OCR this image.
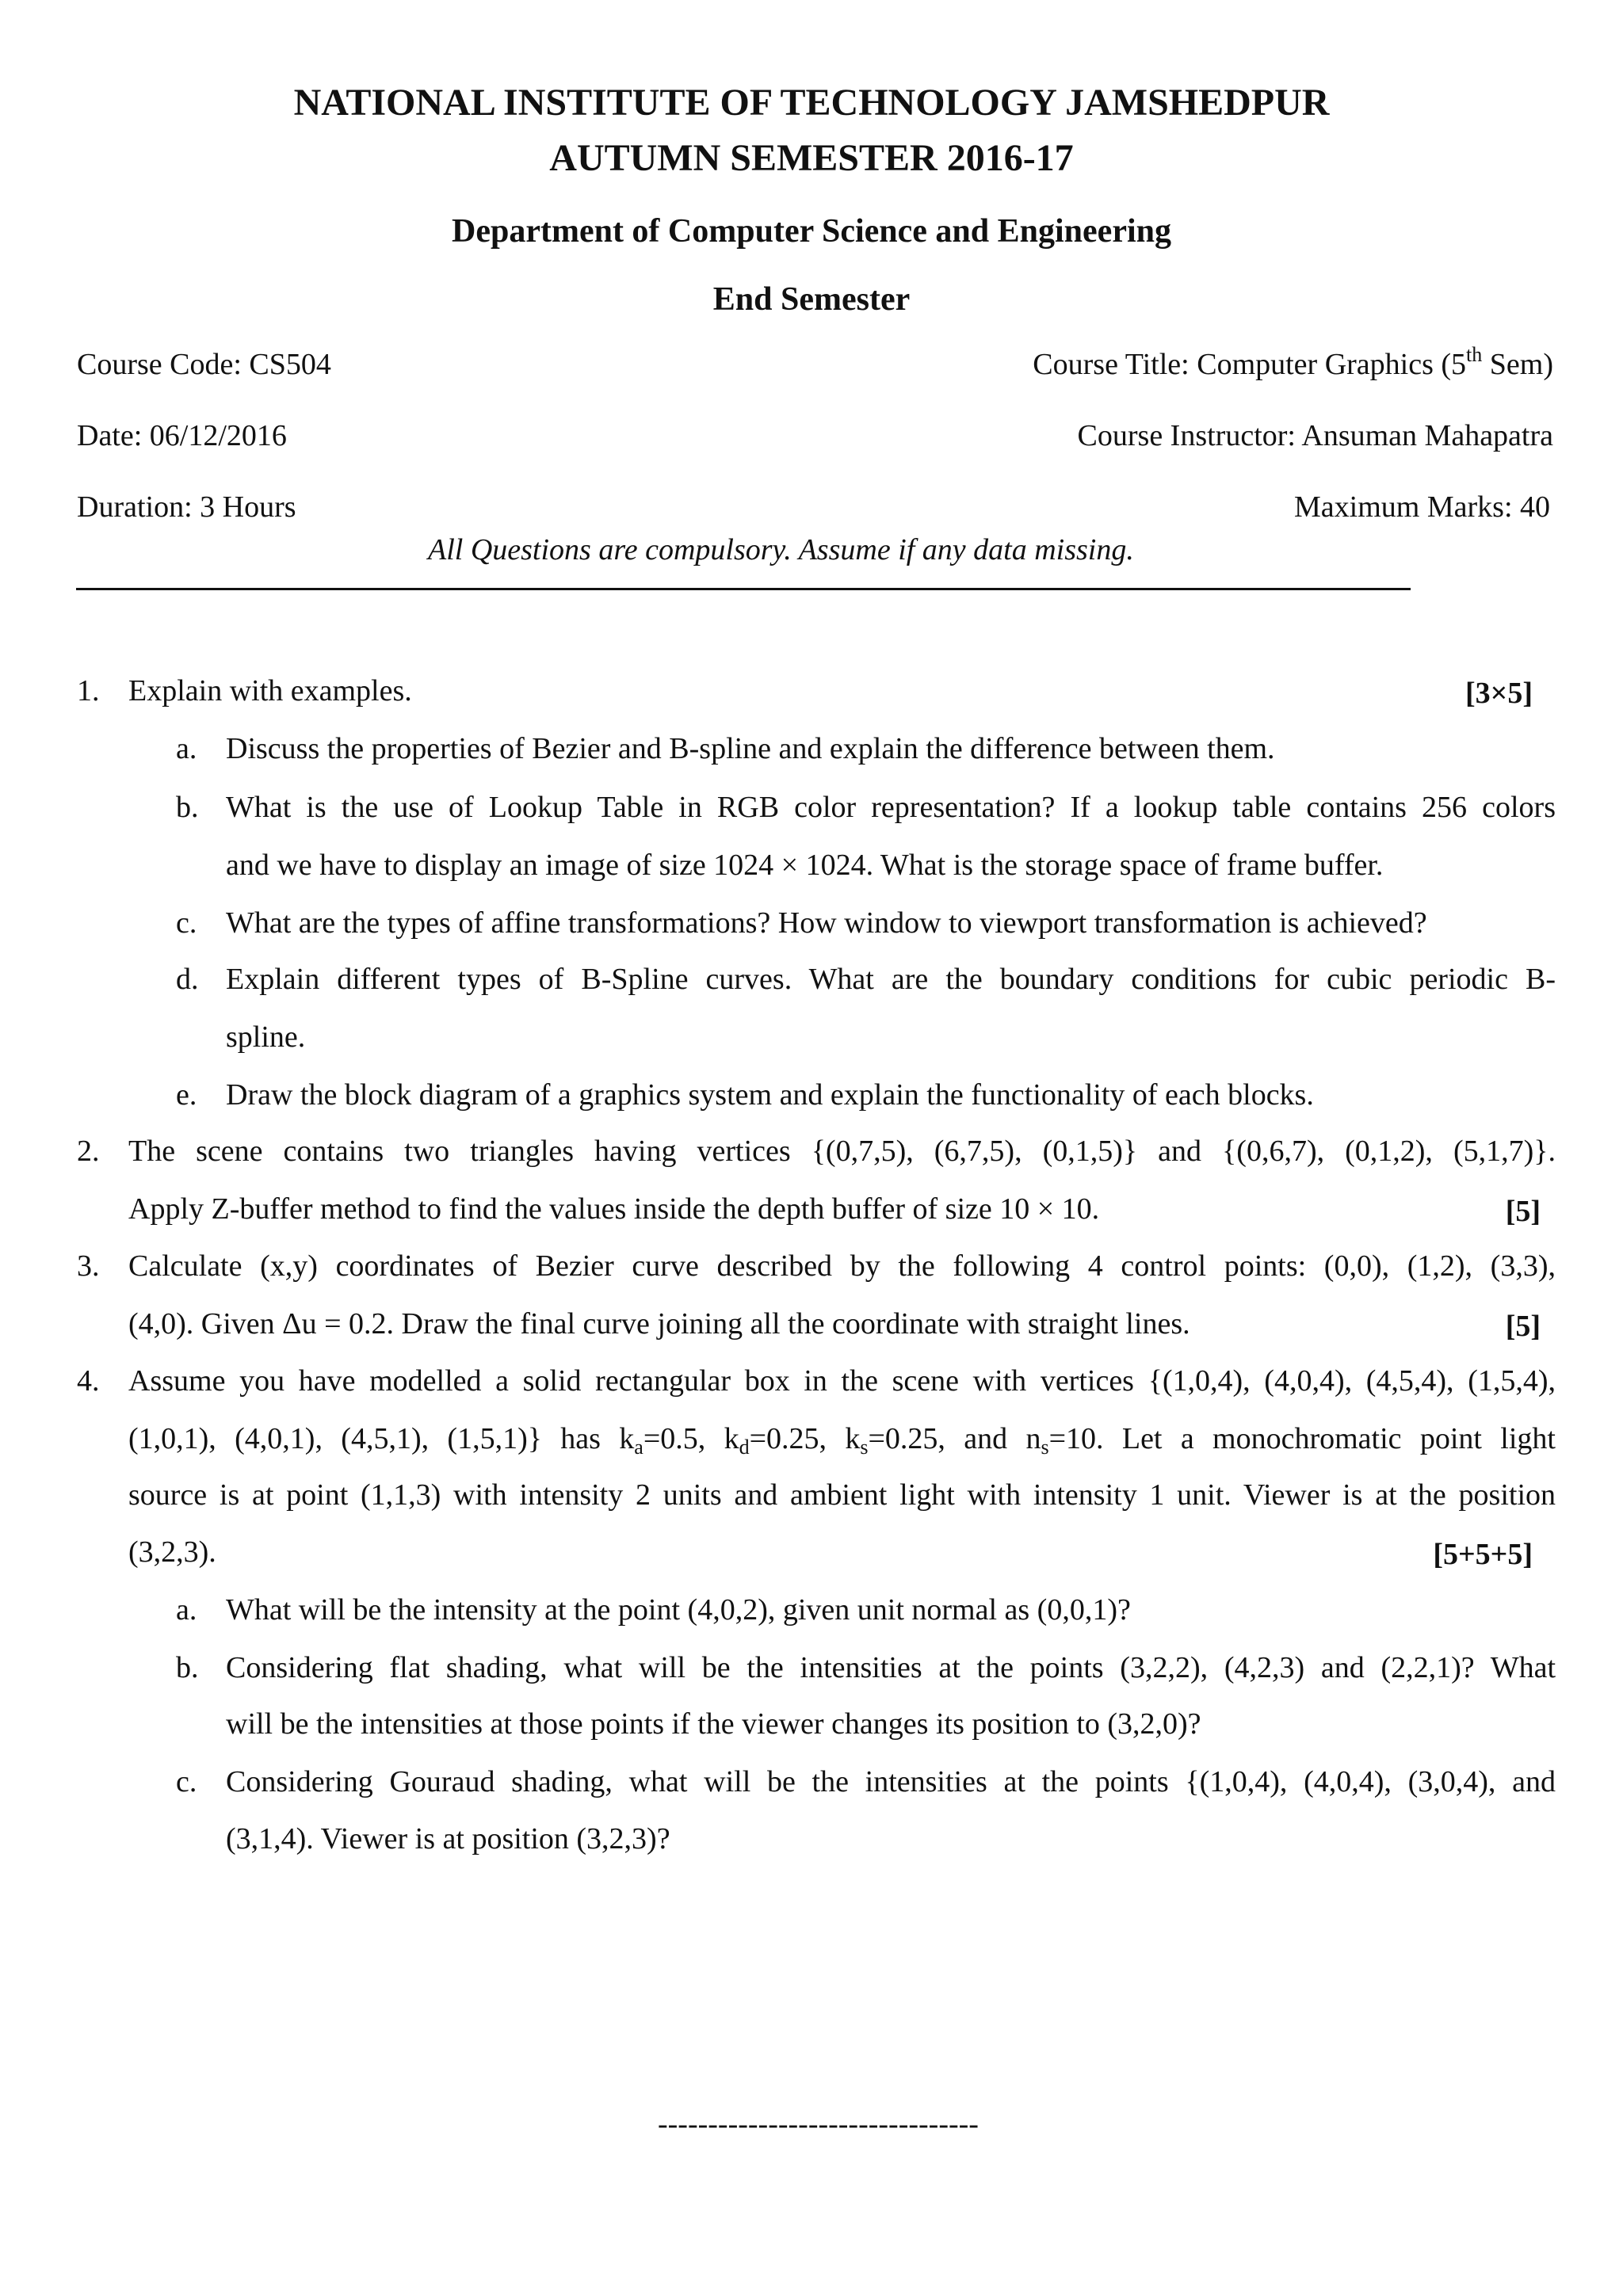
NATIONAL INSTITUTE OF TECHNOLOGY JAMSHEDPUR
AUTUMN SEMESTER 2016-17
Department of Computer Science and Engineering
End Semester
Course Code: CS504	Course Title: Computer Graphics (5th Sem)
Date: 06/12/2016	Course Instructor: Ansuman Mahapatra
Duration: 3 Hours	Maximum Marks: 40
All Questions are compulsory. Assume if any data missing.
1. Explain with examples.	[3×5]
a. Discuss the properties of Bezier and B-spline and explain the difference between them.
b. What is the use of Lookup Table in RGB color representation? If a lookup table contains 256 colors
and we have to display an image of size 1024 × 1024. What is the storage space of frame buffer.
c. What are the types of affine transformations? How window to viewport transformation is achieved?
d. Explain different types of B-Spline curves. What are the boundary conditions for cubic periodic B-
spline.
e. Draw the block diagram of a graphics system and explain the functionality of each blocks.
2. The scene contains two triangles having vertices {(0,7,5), (6,7,5), (0,1,5)} and {(0,6,7), (0,1,2), (5,1,7)}.
Apply Z-buffer method to find the values inside the depth buffer of size 10 × 10.	[5]
3. Calculate (x,y) coordinates of Bezier curve described by the following 4 control points: (0,0), (1,2), (3,3),
(4,0). Given Δu = 0.2. Draw the final curve joining all the coordinate with straight lines.	[5]
4. Assume you have modelled a solid rectangular box in the scene with vertices {(1,0,4), (4,0,4), (4,5,4), (1,5,4),
(1,0,1), (4,0,1), (4,5,1), (1,5,1)} has $k_a=0.5$, $k_d=0.25$, $k_s=0.25$, and $n_s=10$. Let a monochromatic point light
source is at point (1,1,3) with intensity 2 units and ambient light with intensity 1 unit. Viewer is at the position
(3,2,3).	[5+5+5]
a. What will be the intensity at the point (4,0,2), given unit normal as (0,0,1)?
b. Considering flat shading, what will be the intensities at the points (3,2,2), (4,2,3) and (2,2,1)? What
will be the intensities at those points if the viewer changes its position to (3,2,0)?
c. Considering Gouraud shading, what will be the intensities at the points {(1,0,4), (4,0,4), (3,0,4), and
(3,1,4). Viewer is at position (3,2,3)?
--------------------------------
